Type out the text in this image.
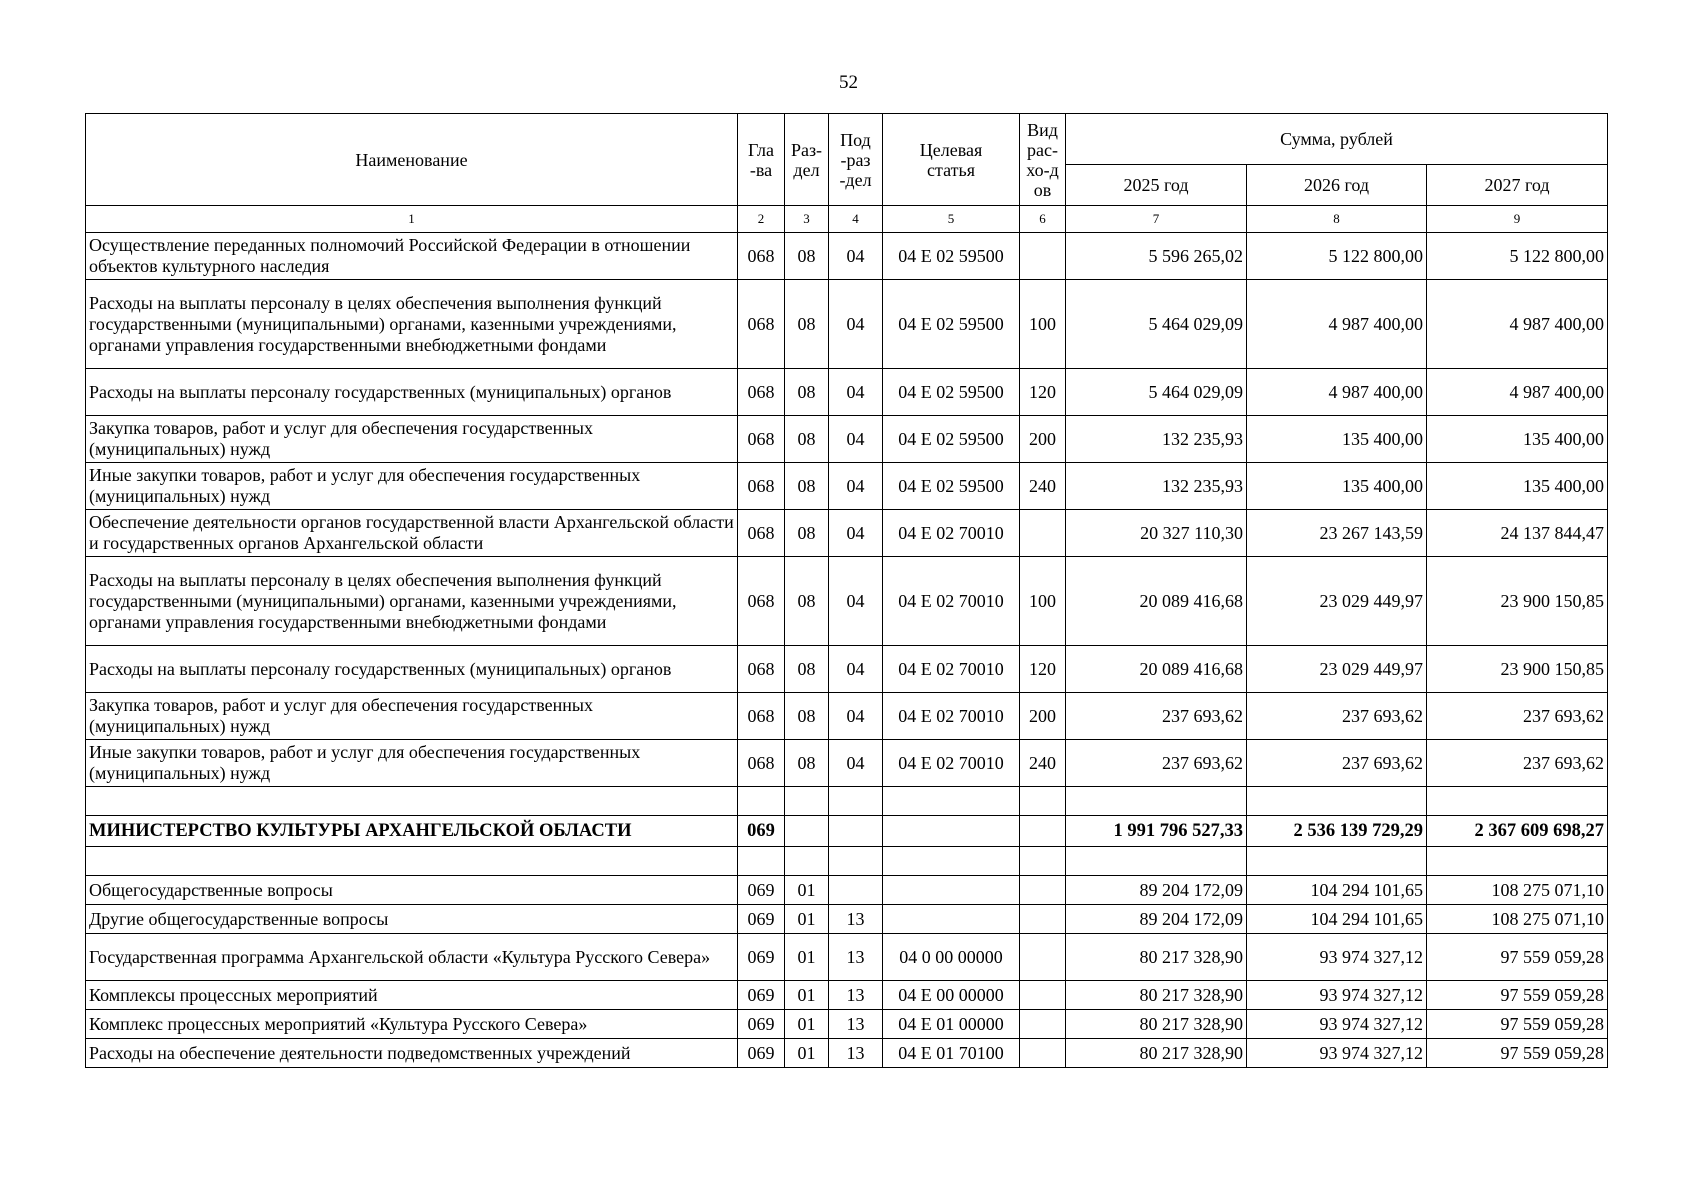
52
Наименование	Гла-ва	Раз-дел	Под-раз-дел	Целевая статья	Вид рас-хо-дов	Сумма, рублей		
						2025 год	2026 год	2027 год
1	2	3	4	5	6	7	8	9
Осуществление переданных полномочий Российской Федерации в отношении объектов культурного наследия	068	08	04	04 Е 02 59500		5 596 265,02	5 122 800,00	5 122 800,00
Расходы на выплаты персоналу в целях обеспечения выполнения функций государственными (муниципальными) органами, казенными учреждениями, органами управления государственными внебюджетными фондами	068	08	04	04 Е 02 59500	100	5 464 029,09	4 987 400,00	4 987 400,00
Расходы на выплаты персоналу государственных (муниципальных) органов	068	08	04	04 Е 02 59500	120	5 464 029,09	4 987 400,00	4 987 400,00
Закупка товаров, работ и услуг для обеспечения государственных (муниципальных) нужд	068	08	04	04 Е 02 59500	200	132 235,93	135 400,00	135 400,00
Иные закупки товаров, работ и услуг для обеспечения государственных (муниципальных) нужд	068	08	04	04 Е 02 59500	240	132 235,93	135 400,00	135 400,00
Обеспечение деятельности органов государственной власти Архангельской области и государственных органов Архангельской области	068	08	04	04 Е 02 70010		20 327 110,30	23 267 143,59	24 137 844,47
Расходы на выплаты персоналу в целях обеспечения выполнения функций государственными (муниципальными) органами, казенными учреждениями, органами управления государственными внебюджетными фондами	068	08	04	04 Е 02 70010	100	20 089 416,68	23 029 449,97	23 900 150,85
Расходы на выплаты персоналу государственных (муниципальных) органов	068	08	04	04 Е 02 70010	120	20 089 416,68	23 029 449,97	23 900 150,85
Закупка товаров, работ и услуг для обеспечения государственных (муниципальных) нужд	068	08	04	04 Е 02 70010	200	237 693,62	237 693,62	237 693,62
Иные закупки товаров, работ и услуг для обеспечения государственных (муниципальных) нужд	068	08	04	04 Е 02 70010	240	237 693,62	237 693,62	237 693,62

МИНИСТЕРСТВО КУЛЬТУРЫ АРХАНГЕЛЬСКОЙ ОБЛАСТИ	069					1 991 796 527,33	2 536 139 729,29	2 367 609 698,27

Общегосударственные вопросы	069	01				89 204 172,09	104 294 101,65	108 275 071,10
Другие общегосударственные вопросы	069	01	13			89 204 172,09	104 294 101,65	108 275 071,10
Государственная программа Архангельской области «Культура Русского Севера»	069	01	13	04 0 00 00000		80 217 328,90	93 974 327,12	97 559 059,28
Комплексы процессных мероприятий	069	01	13	04 Е 00 00000		80 217 328,90	93 974 327,12	97 559 059,28
Комплекс процессных мероприятий «Культура Русского Севера»	069	01	13	04 Е 01 00000		80 217 328,90	93 974 327,12	97 559 059,28
Расходы на обеспечение деятельности подведомственных учреждений	069	01	13	04 Е 01 70100		80 217 328,90	93 974 327,12	97 559 059,28
